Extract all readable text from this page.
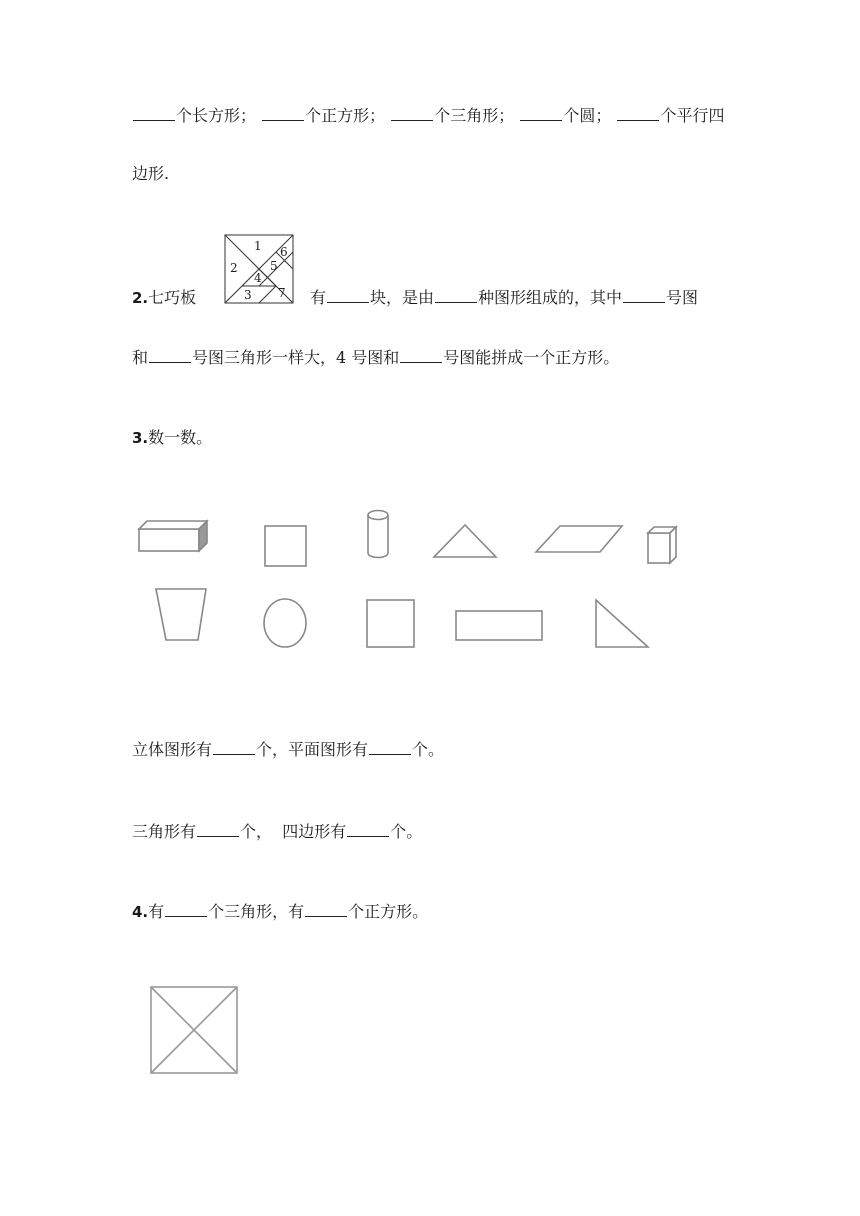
个长方形；	个正方形；	个三角形；	个圆；	个平行四
边形.
2.七巧板
1
2
3
4
5
6
7 有	块，是由	种图形组成的，其中	号图
和	号图三角形一样大，4 号图和	号图能拼成一个正方形。
3.数一数。
立体图形有	个，平面图形有	个。
三角形有	个，  四边形有	个。
4.有	个三角形，有	个正方形。
